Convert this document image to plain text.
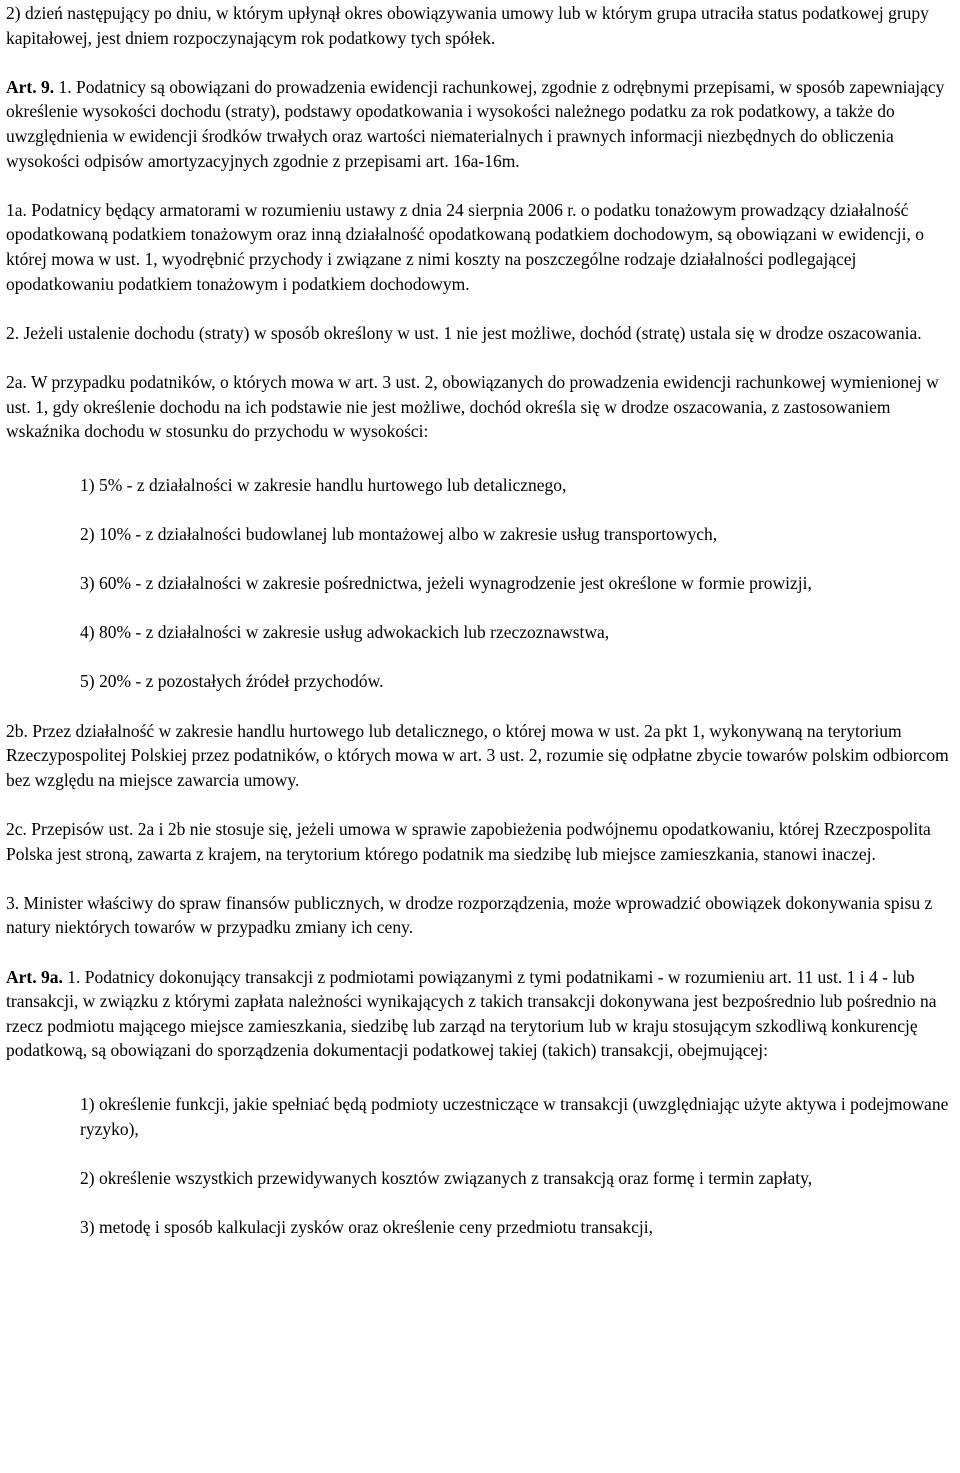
2) dzień następujący po dniu, w którym upłynął okres obowiązywania umowy lub w którym grupa utraciła status podatkowej grupy kapitałowej, jest dniem rozpoczynającym rok podatkowy tych spółek.

Art. 9. 1. Podatnicy są obowiązani do prowadzenia ewidencji rachunkowej, zgodnie z odrębnymi przepisami, w sposób zapewniający określenie wysokości dochodu (straty), podstawy opodatkowania i wysokości należnego podatku za rok podatkowy, a także do uwzględnienia w ewidencji środków trwałych oraz wartości niematerialnych i prawnych informacji niezbędnych do obliczenia wysokości odpisów amortyzacyjnych zgodnie z przepisami art. 16a-16m.

1a. Podatnicy będący armatorami w rozumieniu ustawy z dnia 24 sierpnia 2006 r. o podatku tonażowym prowadzący działalność opodatkowaną podatkiem tonażowym oraz inną działalność opodatkowaną podatkiem dochodowym, są obowiązani w ewidencji, o której mowa w ust. 1, wyodrębnić przychody i związane z nimi koszty na poszczególne rodzaje działalności podlegającej opodatkowaniu podatkiem tonażowym i podatkiem dochodowym.

2. Jeżeli ustalenie dochodu (straty) w sposób określony w ust. 1 nie jest możliwe, dochód (stratę) ustala się w drodze oszacowania.

2a. W przypadku podatników, o których mowa w art. 3 ust. 2, obowiązanych do prowadzenia ewidencji rachunkowej wymienionej w ust. 1, gdy określenie dochodu na ich podstawie nie jest możliwe, dochód określa się w drodze oszacowania, z zastosowaniem wskaźnika dochodu w stosunku do przychodu w wysokości:

1) 5% - z działalności w zakresie handlu hurtowego lub detalicznego,

2) 10% - z działalności budowlanej lub montażowej albo w zakresie usług transportowych,

3) 60% - z działalności w zakresie pośrednictwa, jeżeli wynagrodzenie jest określone w formie prowizji,

4) 80% - z działalności w zakresie usług adwokackich lub rzeczoznawstwa,

5) 20% - z pozostałych źródeł przychodów.

2b. Przez działalność w zakresie handlu hurtowego lub detalicznego, o której mowa w ust. 2a pkt 1, wykonywaną na terytorium Rzeczypospolitej Polskiej przez podatników, o których mowa w art. 3 ust. 2, rozumie się odpłatne zbycie towarów polskim odbiorcom bez względu na miejsce zawarcia umowy.

2c. Przepisów ust. 2a i 2b nie stosuje się, jeżeli umowa w sprawie zapobieżenia podwójnemu opodatkowaniu, której Rzeczpospolita Polska jest stroną, zawarta z krajem, na terytorium którego podatnik ma siedzibę lub miejsce zamieszkania, stanowi inaczej.

3. Minister właściwy do spraw finansów publicznych, w drodze rozporządzenia, może wprowadzić obowiązek dokonywania spisu z natury niektórych towarów w przypadku zmiany ich ceny.

Art. 9a. 1. Podatnicy dokonujący transakcji z podmiotami powiązanymi z tymi podatnikami - w rozumieniu art. 11 ust. 1 i 4 - lub transakcji, w związku z którymi zapłata należności wynikających z takich transakcji dokonywana jest bezpośrednio lub pośrednio na rzecz podmiotu mającego miejsce zamieszkania, siedzibę lub zarząd na terytorium lub w kraju stosującym szkodliwą konkurencję podatkową, są obowiązani do sporządzenia dokumentacji podatkowej takiej (takich) transakcji, obejmującej:

1) określenie funkcji, jakie spełniać będą podmioty uczestniczące w transakcji (uwzględniając użyte aktywa i podejmowane ryzyko),

2) określenie wszystkich przewidywanych kosztów związanych z transakcją oraz formę i termin zapłaty,

3) metodę i sposób kalkulacji zysków oraz określenie ceny przedmiotu transakcji,
